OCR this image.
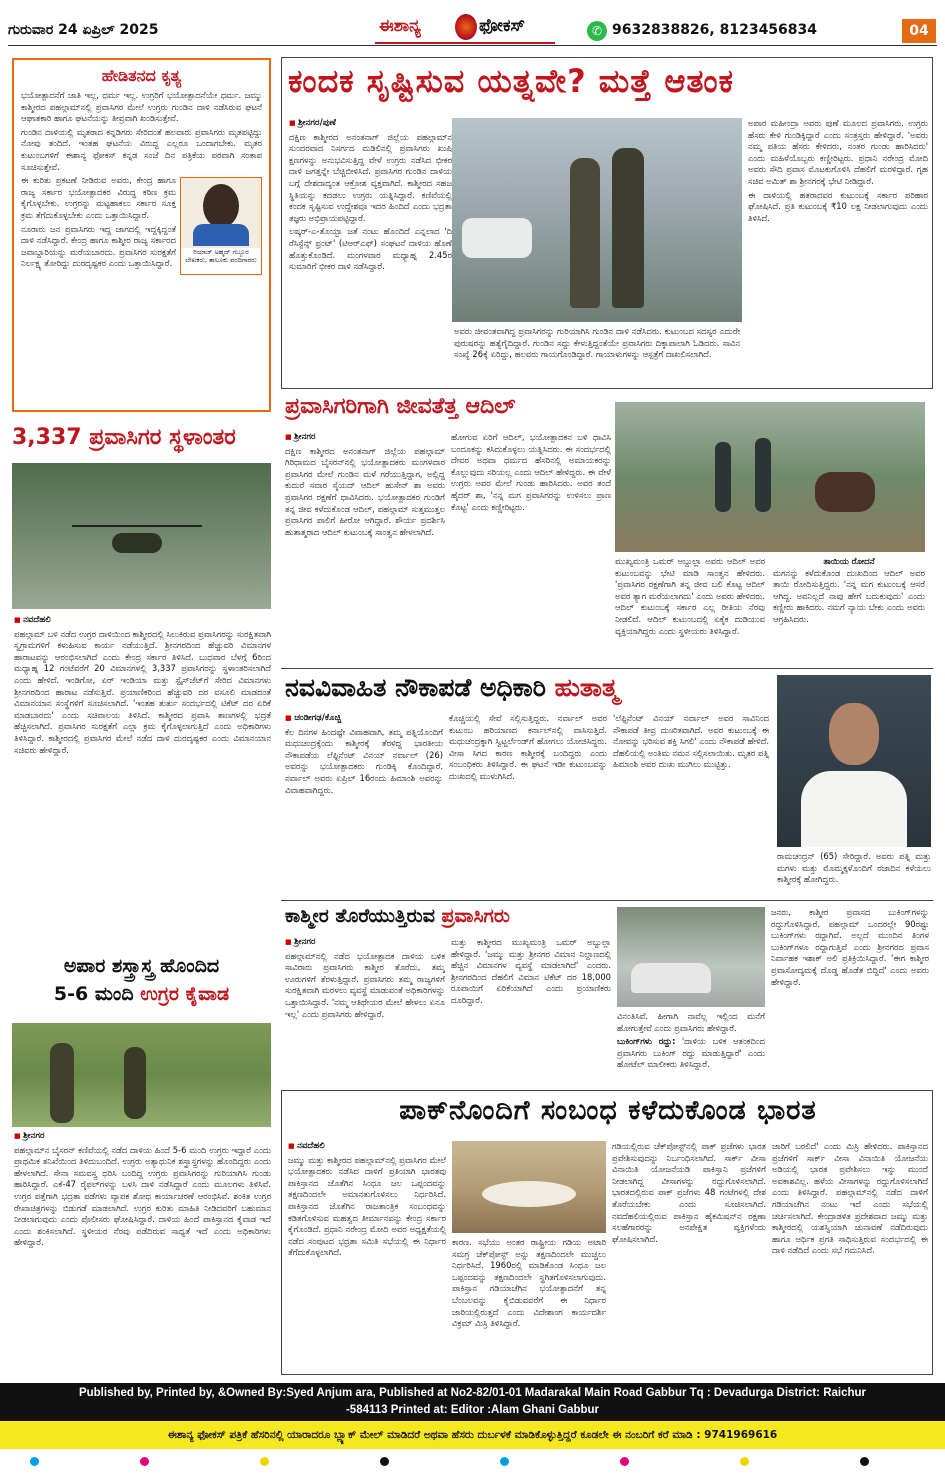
ಗುರುವಾರ 24 ಏಪ್ರಿಲ್ 2025	ಈಶಾನ್ಯ	ಫೋಕಸ್	✆ 9632838826, 8123456834	04
ಹೇಡಿತನದ ಕೃತ್ಯ

ಭಯೋತ್ಪಾದನೆಗೆ ಜಾತಿ ಇಲ್ಲ, ಧರ್ಮ ಇಲ್ಲ. ಉಗ್ರರಿಗೆ ಭಯೋತ್ಪಾದನೆಯೇ ಧರ್ಮ. ಜಮ್ಮು ಕಾಶ್ಮೀರದ ಪಹಲ್ಗಾಮ್‌ನಲ್ಲಿ ಪ್ರವಾಸಿಗರ ಮೇಲೆ ಉಗ್ರರು ಗುಂಡಿನ ದಾಳಿ ನಡೆಸಿರುವ ಘಟನೆ ಆಘಾತಕಾರಿ ಹಾಗೂ ಘಟನೆಯನ್ನು ತೀವ್ರವಾಗಿ ಖಂಡಿಸುತ್ತೇವೆ.

ಗುಂಡಿನ ದಾಳಿಯಲ್ಲಿ ಮೃತರಾದ ಕನ್ನಡಿಗರು ಸೇರಿದಂತೆ ಹಲವಾರು ಪ್ರವಾಸಿಗರು ಮೃತಪಟ್ಟಿದ್ದು ನೋವು ತಂದಿದೆ. ಇಂತಹ ಘಟನೆಯ ವಿರುದ್ಧ ಎಲ್ಲರೂ ಒಂದಾಗಬೇಕು. ಮೃತರ ಕುಟುಂಬಗಳಿಗೆ ಈಶಾನ್ಯ ಫೋಕಸ್ ಕನ್ನಡ ಸಂಜೆ ದಿನ ಪತ್ರಿಕೆಯ ಪರವಾಗಿ ಸಂತಾಪ ಸೂಚಿಸುತ್ತೇವೆ.

ರಿಯಾಜ್ ಅಹ್ಮದ್ ಗಬ್ಬೂರ
ಲೇಖಕರು, ತಾಲೂಕು ವರದಿಗಾರರು

ಈ ಕುರಿತು ಪ್ರಕಟಣೆ ನೀಡಿರುವ ಅವರು, ಕೇಂದ್ರ ಹಾಗೂ ರಾಜ್ಯ ಸರ್ಕಾರ ಭಯೋತ್ಪಾದಕರ ವಿರುದ್ಧ ಕಠಿಣ ಕ್ರಮ ಕೈಗೊಳ್ಳಬೇಕು. ಉಗ್ರರನ್ನು ಮಟ್ಟಹಾಕಲು ಸರ್ಕಾರ ಸೂಕ್ತ ಕ್ರಮ ತೆಗೆದುಕೊಳ್ಳಬೇಕು ಎಂದು ಒತ್ತಾಯಿಸಿದ್ದಾರೆ.

ನೂರಾರು ಜನ ಪ್ರವಾಸಿಗರು ಇದ್ದ ಜಾಗದಲ್ಲಿ ಇದ್ದಕ್ಕಿದ್ದಂತೆ ದಾಳಿ ನಡೆಸಿದ್ದಾರೆ. ಕೇಂದ್ರ ಹಾಗೂ ಕಾಶ್ಮೀರ ರಾಜ್ಯ ಸರ್ಕಾರದ ಜವಾಬ್ದಾರಿಯನ್ನು ಮರೆಯಬಾರದು. ಪ್ರವಾಸಿಗರ ಸುರಕ್ಷತೆಗೆ ನಿರ್ಲಕ್ಷ್ಯ ತೋರಿದ್ದು ದುರದೃಷ್ಟಕರ ಎಂದು ಒತ್ತಾಯಿಸಿದ್ದಾರೆ.

ಕಂದಕ ಸೃಷ್ಟಿಸುವ ಯತ್ನವೇ? ಮತ್ತೆ ಆತಂಕ
■ ಶ್ರೀನಗರ/ಪುಣೆ

ದಕ್ಷಿಣ ಕಾಶ್ಮೀರದ ಅನಂತನಾಗ್ ಜಿಲ್ಲೆಯ ಪಹಲ್ಗಾಮ್‌ನ ಸುಂದರವಾದ ನಿಸರ್ಗದ ಮಡಿಲಿನಲ್ಲಿ ಪ್ರವಾಸಿಗರು ಖುಷಿ ಕ್ಷಣಗಳನ್ನು ಅನುಭವಿಸುತ್ತಿದ್ದ ವೇಳೆ ಉಗ್ರರು ನಡೆಸಿದ ಭೀಕರ ದಾಳಿ ಜಗತ್ತನ್ನೇ ಬೆಚ್ಚಿಬೀಳಿಸಿದೆ. ಪ್ರವಾಸಿಗರ ಗುಂಡಿನ ದಾಳಿಯ ಬಗ್ಗೆ ದೇಶದಾದ್ಯಂತ ಆಕ್ರೋಶ ವ್ಯಕ್ತವಾಗಿದೆ. ಕಾಶ್ಮೀರದ ಸಹಜ ಸ್ಥಿತಿಯನ್ನು ಕದಡಲು ಉಗ್ರರು ಯತ್ನಿಸಿದ್ದಾರೆ. ಕಣಿವೆಯಲ್ಲಿ ಕಂದಕ ಸೃಷ್ಟಿಸುವ ಉದ್ದೇಶವೂ ಇದರ ಹಿಂದಿದೆ ಎಂದು ಭದ್ರತಾ ತಜ್ಞರು ಅಭಿಪ್ರಾಯಪಟ್ಟಿದ್ದಾರೆ.

ಲಷ್ಕರ್-ಎ-ತೊಯ್ಬಾ ಜತೆ ನಂಟು ಹೊಂದಿದೆ ಎನ್ನಲಾದ 'ದಿ ರೆಸಿಸ್ಟೆನ್ಸ್ ಫ್ರಂಟ್' (ಟಿಆರ್‌ಎಫ್) ಸಂಘಟನೆ ದಾಳಿಯ ಹೊಣೆ ಹೊತ್ತುಕೊಂಡಿದೆ. ಮಂಗಳವಾರ ಮಧ್ಯಾಹ್ನ 2.45ರ ಸುಮಾರಿಗೆ ಭೀಕರ ದಾಳಿ ನಡೆಸಿದ್ದಾರೆ.

ಅವರು ಜೀವಂತವಾಗಿದ್ದ ಪ್ರವಾಸಿಗರನ್ನು ಗುರಿಯಾಗಿಸಿ ಗುಂಡಿನ ದಾಳಿ ನಡೆಸಿದರು. ಕುಟುಂಬದ ಸದಸ್ಯರ ಎದುರೇ ಪುರುಷರನ್ನು ಹತ್ಯೆಗೈದಿದ್ದಾರೆ. ಗುಂಡಿನ ಸದ್ದು ಕೇಳುತ್ತಿದ್ದಂತೆಯೇ ಪ್ರವಾಸಿಗರು ದಿಕ್ಕಾಪಾಲಾಗಿ ಓಡಿದರು. ಸಾವಿನ ಸಂಖ್ಯೆ 26ಕ್ಕೆ ಏರಿದ್ದು, ಹಲವರು ಗಾಯಗೊಂಡಿದ್ದಾರೆ. ಗಾಯಾಳುಗಳನ್ನು ಆಸ್ಪತ್ರೆಗೆ ದಾಖಲಿಸಲಾಗಿದೆ.

ಅಪಾರ ಮಹೀಂದ್ರಾ ಅವರು ಪುಣೆ ಮೂಲದ ಪ್ರವಾಸಿಗರು. ಉಗ್ರರು ಹೆಸರು ಕೇಳಿ ಗುಂಡಿಕ್ಕಿದ್ದಾರೆ ಎಂದು ಸಂತ್ರಸ್ತರು ಹೇಳಿದ್ದಾರೆ. 'ಅವರು ನಮ್ಮ ಪತಿಯ ಹೆಸರು ಕೇಳಿದರು, ನಂತರ ಗುಂಡು ಹಾರಿಸಿದರು' ಎಂದು ಮಹಿಳೆಯೊಬ್ಬರು ಕಣ್ಣೀರಿಟ್ಟರು. ಪ್ರಧಾನಿ ನರೇಂದ್ರ ಮೋದಿ ಅವರು ಸೌದಿ ಪ್ರವಾಸ ಮೊಟಕುಗೊಳಿಸಿ ದೆಹಲಿಗೆ ಮರಳಿದ್ದಾರೆ. ಗೃಹ ಸಚಿವ ಅಮಿತ್ ಶಾ ಶ್ರೀನಗರಕ್ಕೆ ಭೇಟಿ ನೀಡಿದ್ದಾರೆ.

ಈ ದಾಳಿಯಲ್ಲಿ ಹತರಾದವರ ಕುಟುಂಬಕ್ಕೆ ಸರ್ಕಾರ ಪರಿಹಾರ ಘೋಷಿಸಿದೆ. ಪ್ರತಿ ಕುಟುಂಬಕ್ಕೆ ₹10 ಲಕ್ಷ ನೀಡಲಾಗುವುದು ಎಂದು ತಿಳಿಸಿದೆ.

ಪ್ರವಾಸಿಗರಿಗಾಗಿ ಜೀವತೆತ್ತ ಆದಿಲ್
■ ಶ್ರೀನಗರ

ದಕ್ಷಿಣ ಕಾಶ್ಮೀರದ ಅನಂತನಾಗ್ ಜಿಲ್ಲೆಯ ಪಹಲ್ಗಾಮ್ ಗಿರಿಧಾಮದ ಬೈಸರನ್‌ನಲ್ಲಿ ಭಯೋತ್ಪಾದಕರು ಮಂಗಳವಾರ ಪ್ರವಾಸಿಗರ ಮೇಲೆ ಗುಂಡಿನ ಮಳೆ ಗರೆಯುತ್ತಿದ್ದಾಗ, ಅಲ್ಲಿದ್ದ ಕುದುರೆ ಸವಾರ ಸೈಯದ್ ಆದಿಲ್ ಹುಸೇನ್ ಶಾ ಅವರು ಪ್ರವಾಸಿಗರ ರಕ್ಷಣೆಗೆ ಧಾವಿಸಿದರು. ಭಯೋತ್ಪಾದಕರ ಗುಂಡಿಗೆ ತನ್ನ ಜೀವ ಕಳೆದುಕೊಂಡ ಆದಿಲ್, ಪಹಲ್ಗಾಮ್ ಸುತ್ತಮುತ್ತಲ ಪ್ರವಾಸಿಗರ ಪಾಲಿಗೆ ಹೀರೋ ಆಗಿದ್ದಾರೆ. ಶೌರ್ಯ ಪ್ರದರ್ಶಿಸಿ ಹುತಾತ್ಮರಾದ ಆದಿಲ್ ಕುಟುಂಬಕ್ಕೆ ಸಾಂತ್ವನ ಹೇಳಲಾಗಿದೆ.

ಹೋಗುವ ಏರಿಗೆ ಆದಿಲ್, ಭಯೋತ್ಪಾದಕನ ಬಳಿ ಧಾವಿಸಿ ಬಂದೂಕನ್ನು ಕಸಿದುಕೊಳ್ಳಲು ಯತ್ನಿಸಿದರು. ಈ ಸಂದರ್ಭದಲ್ಲಿ ದೇವರ ಅಥವಾ ಧರ್ಮದ ಹೆಸರಿನಲ್ಲಿ ಅಮಾಯಕರನ್ನು ಕೊಲ್ಲುವುದು ಸರಿಯಲ್ಲ ಎಂದು ಆದಿಲ್ ಹೇಳಿದ್ದರು. ಈ ವೇಳೆ ಉಗ್ರರು ಅವರ ಮೇಲೆ ಗುಂಡು ಹಾರಿಸಿದರು. ಅವರ ತಂದೆ ಹೈದರ್ ಶಾ, 'ನನ್ನ ಮಗ ಪ್ರವಾಸಿಗರನ್ನು ಉಳಿಸಲು ಪ್ರಾಣ ಕೊಟ್ಟ' ಎಂದು ಕಣ್ಣೀರಿಟ್ಟರು.

ಮುಖ್ಯಮಂತ್ರಿ ಒಮರ್ ಅಬ್ದುಲ್ಲಾ ಅವರು ಆದಿಲ್ ಅವರ ಕುಟುಂಬವನ್ನು ಭೇಟಿ ಮಾಡಿ ಸಾಂತ್ವನ ಹೇಳಿದರು. 'ಪ್ರವಾಸಿಗರ ರಕ್ಷಣೆಗಾಗಿ ತನ್ನ ಜೀವ ಬಲಿ ಕೊಟ್ಟ ಆದಿಲ್ ಅವರ ತ್ಯಾಗ ಮರೆಯಲಾಗದು' ಎಂದು ಅವರು ಹೇಳಿದರು. ಆದಿಲ್ ಕುಟುಂಬಕ್ಕೆ ಸರ್ಕಾರ ಎಲ್ಲ ರೀತಿಯ ನೆರವು ನೀಡಲಿದೆ. ಆದಿಲ್ ಕುಟುಂಬದಲ್ಲಿ ಏಕೈಕ ದುಡಿಯುವ ವ್ಯಕ್ತಿಯಾಗಿದ್ದರು ಎಂದು ಸ್ಥಳೀಯರು ತಿಳಿಸಿದ್ದಾರೆ.

ತಾಯಿಯ ರೋದನೆ

ಮಗನನ್ನು ಕಳೆದುಕೊಂಡ ದುಃಖದಿಂದ ಆದಿಲ್ ಅವರ ತಾಯಿ ರೋದಿಸುತ್ತಿದ್ದರು. 'ನನ್ನ ಮಗ ಕುಟುಂಬಕ್ಕೆ ಆಸರೆ ಆಗಿದ್ದ. ಅವನಿಲ್ಲದೆ ನಾವು ಹೇಗೆ ಬದುಕುವುದು' ಎಂದು ಕಣ್ಣೀರು ಹಾಕಿದರು. ನಮಗೆ ನ್ಯಾಯ ಬೇಕು ಎಂದು ಅವರು ಆಗ್ರಹಿಸಿದರು.

3,337 ಪ್ರವಾಸಿಗರ ಸ್ಥಳಾಂತರ
■ ನವದೆಹಲಿ

ಪಹಲ್ಗಾಮ್ ಬಳಿ ನಡೆದ ಉಗ್ರರ ದಾಳಿಯಿಂದ ಕಾಶ್ಮೀರದಲ್ಲಿ ಸಿಲುಕಿರುವ ಪ್ರವಾಸಿಗರನ್ನು ಸುರಕ್ಷಿತವಾಗಿ ಸ್ವಗ್ರಾಮಗಳಿಗೆ ಕಳುಹಿಸುವ ಕಾರ್ಯ ನಡೆಯುತ್ತಿದೆ. ಶ್ರೀನಗರದಿಂದ ಹೆಚ್ಚುವರಿ ವಿಮಾನಗಳ ಹಾರಾಟವನ್ನು ಆರಂಭಿಸಲಾಗಿದೆ ಎಂದು ಕೇಂದ್ರ ಸರ್ಕಾರ ತಿಳಿಸಿದೆ. ಬುಧವಾರ ಬೆಳಗ್ಗೆ 6ರಿಂದ ಮಧ್ಯಾಹ್ನ 12 ಗಂಟೆವರೆಗೆ 20 ವಿಮಾನಗಳಲ್ಲಿ 3,337 ಪ್ರವಾಸಿಗರನ್ನು ಸ್ಥಳಾಂತರಿಸಲಾಗಿದೆ ಎಂದು ಹೇಳಿದೆ. ಇಂಡಿಗೋ, ಏರ್ ಇಂಡಿಯಾ ಮತ್ತು ಸ್ಪೈಸ್‌ಜೆಟ್‌ಗೆ ಸೇರಿದ ವಿಮಾನಗಳು ಶ್ರೀನಗರದಿಂದ ಹಾರಾಟ ನಡೆಸುತ್ತಿವೆ. ಪ್ರಯಾಣಿಕರಿಂದ ಹೆಚ್ಚುವರಿ ದರ ವಸೂಲಿ ಮಾಡದಂತೆ ವಿಮಾನಯಾನ ಸಂಸ್ಥೆಗಳಿಗೆ ಸೂಚಿಸಲಾಗಿದೆ. 'ಇಂತಹ ತುರ್ತು ಸಂದರ್ಭದಲ್ಲಿ ಟಿಕೆಟ್ ದರ ಏರಿಕೆ ಮಾಡಬಾರದು' ಎಂದು ಸಚಿವಾಲಯ ತಿಳಿಸಿದೆ. ಕಾಶ್ಮೀರದ ಪ್ರವಾಸಿ ತಾಣಗಳಲ್ಲಿ ಭದ್ರತೆ ಹೆಚ್ಚಿಸಲಾಗಿದೆ. ಪ್ರವಾಸಿಗರ ಸುರಕ್ಷತೆಗೆ ಎಲ್ಲಾ ಕ್ರಮ ಕೈಗೊಳ್ಳಲಾಗುತ್ತಿದೆ ಎಂದು ಅಧಿಕಾರಿಗಳು ತಿಳಿಸಿದ್ದಾರೆ. ಕಾಶ್ಮೀರದಲ್ಲಿ ಪ್ರವಾಸಿಗರ ಮೇಲೆ ನಡೆದ ದಾಳಿ ದುರದೃಷ್ಟಕರ ಎಂದು ವಿಮಾನಯಾನ ಸಚಿವರು ಹೇಳಿದ್ದಾರೆ.

ನವವಿವಾಹಿತ ನೌಕಾಪಡೆ ಅಧಿಕಾರಿ ಹುತಾತ್ಮ
■ ಚಂಡೀಗಢ/ಕೊಚ್ಚಿ

ಕೆಲ ದಿನಗಳ ಹಿಂದಷ್ಟೇ ವಿವಾಹವಾಗಿ, ತಮ್ಮ ಪತ್ನಿಯೊಂದಿಗೆ ಮಧುಚಂದ್ರಕ್ಕೆಂದು ಕಾಶ್ಮೀರಕ್ಕೆ ತೆರಳಿದ್ದ ಭಾರತೀಯ ನೌಕಾಪಡೆಯ ಲೆಫ್ಟಿನೆಂಟ್ ವಿನಯ್ ನರ್ವಾಲ್ (26) ಅವರನ್ನು ಭಯೋತ್ಪಾದಕರು ಗುಂಡಿಕ್ಕಿ ಕೊಂದಿದ್ದಾರೆ. ನರ್ವಾಲ್ ಅವರು ಏಪ್ರಿಲ್ 16ರಂದು ಹಿಮಾಂಶಿ ಅವರನ್ನು ವಿವಾಹವಾಗಿದ್ದರು.

ಕೊಚ್ಚಿಯಲ್ಲಿ ಸೇವೆ ಸಲ್ಲಿಸುತ್ತಿದ್ದರು. ನರ್ವಾಲ್ ಅವರ ಕುಟುಂಬ ಹರಿಯಾಣದ ಕರ್ನಾಲ್‌ನಲ್ಲಿ ವಾಸಿಸುತ್ತಿದೆ. ಮಧುಚಂದ್ರಕ್ಕಾಗಿ ಸ್ವಿಟ್ಜರ್ಲೆಂಡ್‌ಗೆ ಹೋಗಲು ಯೋಜಿಸಿದ್ದರು. ವೀಸಾ ಸಿಗದ ಕಾರಣ ಕಾಶ್ಮೀರಕ್ಕೆ ಬಂದಿದ್ದರು ಎಂದು ಸಂಬಂಧಿಕರು ತಿಳಿಸಿದ್ದಾರೆ. ಈ ಘಟನೆ ಇಡೀ ಕುಟುಂಬವನ್ನು ದುಃಖದಲ್ಲಿ ಮುಳುಗಿಸಿದೆ.

'ಲೆಫ್ಟಿನೆಂಟ್ ವಿನಯ್ ನರ್ವಾಲ್ ಅವರ ಸಾವಿನಿಂದ ನೌಕಾಪಡೆ ತೀವ್ರ ದುಃಖಿತವಾಗಿದೆ. ಅವರ ಕುಟುಂಬಕ್ಕೆ ಈ ನೋವನ್ನು ಭರಿಸುವ ಶಕ್ತಿ ಸಿಗಲಿ' ಎಂದು ನೌಕಾಪಡೆ ಹೇಳಿದೆ. ದೆಹಲಿಯಲ್ಲಿ ಅಂತಿಮ ನಮನ ಸಲ್ಲಿಸಲಾಯಿತು. ಮೃತರ ಪತ್ನಿ ಹಿಮಾಂಶಿ ಅವರ ದುಃಖ ಮುಗಿಲು ಮುಟ್ಟಿತ್ತು.

ರಾಮಚಂದ್ರನ್ (65) ಸೇರಿದ್ದಾರೆ. ಅವರು ಪತ್ನಿ ಮತ್ತು ಮಗಳು ಮತ್ತು ಮೊಮ್ಮಕ್ಕಳೊಂದಿಗೆ ರಜಾದಿನ ಕಳೆಯಲು ಕಾಶ್ಮೀರಕ್ಕೆ ಹೋಗಿದ್ದರು.
ಕಾಶ್ಮೀರ ತೊರೆಯುತ್ತಿರುವ ಪ್ರವಾಸಿಗರು
■ ಶ್ರೀನಗರ

ಪಹಲ್ಗಾಮ್‌ನಲ್ಲಿ ನಡೆದ ಭಯೋತ್ಪಾದಕ ದಾಳಿಯ ಬಳಿಕ ಸಾವಿರಾರು ಪ್ರವಾಸಿಗರು ಕಾಶ್ಮೀರ ತೊರೆದು, ತಮ್ಮ ಊರುಗಳಿಗೆ ತೆರಳುತ್ತಿದ್ದಾರೆ. ಪ್ರವಾಸಿಗರು ತಮ್ಮ ರಾಜ್ಯಗಳಿಗೆ ಸುರಕ್ಷಿತವಾಗಿ ಮರಳಲು ವ್ಯವಸ್ಥೆ ಮಾಡುವಂತೆ ಅಧಿಕಾರಿಗಳನ್ನು ಒತ್ತಾಯಿಸಿದ್ದಾರೆ. 'ನಮ್ಮ ಆತಿಥೇಯರ ಮೇಲೆ ಹೇಳಲು ಏನೂ ಇಲ್ಲ' ಎಂದು ಪ್ರವಾಸಿಗರು ಹೇಳಿದ್ದಾರೆ.

ಮತ್ತು ಕಾಶ್ಮೀರದ ಮುಖ್ಯಮಂತ್ರಿ ಒಮರ್ ಅಬ್ದುಲ್ಲಾ ಹೇಳಿದ್ದಾರೆ. 'ಜಮ್ಮು ಮತ್ತು ಶ್ರೀನಗರ ವಿಮಾನ ನಿಲ್ದಾಣದಲ್ಲಿ ಹೆಚ್ಚಿನ ವಿಮಾನಗಳ ವ್ಯವಸ್ಥೆ ಮಾಡಲಾಗಿದೆ' ಎಂದರು. ಶ್ರೀನಗರದಿಂದ ದೆಹಲಿಗೆ ವಿಮಾನ ಟಿಕೆಟ್ ದರ 18,000 ರೂಪಾಯಿಗೆ ಏರಿಕೆಯಾಗಿದೆ ಎಂದು ಪ್ರಯಾಣಿಕರು ದೂರಿದ್ದಾರೆ.

ವಿನಂತಿಸಿವೆ. ಹೀಗಾಗಿ ನಾವೆಲ್ಲ ಇಲ್ಲಿಂದ ಮನೆಗೆ ಹೋಗುತ್ತೇವೆ ಎಂದು ಪ್ರವಾಸಿಗರು ಹೇಳಿದ್ದಾರೆ.

ಬುಕಿಂಗ್‌ಗಳು ರದ್ದು: 'ದಾಳಿಯ ಬಳಿಕ ಆತಂಕದಿಂದ ಪ್ರವಾಸಿಗರು ಬುಕಿಂಗ್ ರದ್ದು ಮಾಡುತ್ತಿದ್ದಾರೆ' ಎಂದು ಹೋಟೆಲ್ ಮಾಲೀಕರು ತಿಳಿಸಿದ್ದಾರೆ.

ಜನರು, ಕಾಶ್ಮೀರ ಪ್ರವಾಸದ ಬುಕಿಂಗ್‌ಗಳನ್ನು ರದ್ದುಗೊಳಿಸಿದ್ದಾರೆ. ಪಹಲ್ಗಾಮ್ ಒಂದರಲ್ಲೇ 90ರಷ್ಟು ಬುಕಿಂಗ್‌ಗಳು ರದ್ದಾಗಿವೆ. ಅಲ್ಲದೆ ಮುಂದಿನ ತಿಂಗಳ ಬುಕಿಂಗ್‌ಗಳೂ ರದ್ದಾಗುತ್ತಿವೆ ಎಂದು ಶ್ರೀನಗರದ ಪ್ರವಾಸ ನಿರ್ವಾಹಕ ಇಶಾಕ್ ಅಲಿ ಪ್ರತಿಕ್ರಿಯಿಸಿದ್ದಾರೆ. 'ಈಗ ಕಾಶ್ಮೀರ ಪ್ರವಾಸೋದ್ಯಮಕ್ಕೆ ದೊಡ್ಡ ಹೊಡೆತ ಬಿದ್ದಿದೆ' ಎಂದು ಅವರು ಹೇಳಿದ್ದಾರೆ.

ಅಪಾರ ಶಸ್ತ್ರಾಸ್ತ್ರ ಹೊಂದಿದ
5-6 ಮಂದಿ ಉಗ್ರರ ಕೈವಾಡ
■ ಶ್ರೀನಗರ

ಪಹಲ್ಗಾಮ್‌ನ ಬೈಸರನ್ ಕಣಿವೆಯಲ್ಲಿ ನಡೆದ ದಾಳಿಯ ಹಿಂದೆ 5-6 ಮಂದಿ ಉಗ್ರರು ಇದ್ದಾರೆ ಎಂದು ಪ್ರಾಥಮಿಕ ತನಿಖೆಯಿಂದ ತಿಳಿದುಬಂದಿದೆ. ಉಗ್ರರು ಅತ್ಯಾಧುನಿಕ ಶಸ್ತ್ರಾಸ್ತ್ರಗಳನ್ನು ಹೊಂದಿದ್ದರು ಎಂದು ಹೇಳಲಾಗಿದೆ. ಸೇನಾ ಸಮವಸ್ತ್ರ ಧರಿಸಿ ಬಂದಿದ್ದ ಉಗ್ರರು ಪ್ರವಾಸಿಗರನ್ನು ಗುರಿಯಾಗಿಸಿ ಗುಂಡು ಹಾರಿಸಿದ್ದಾರೆ. ಎಕೆ-47 ರೈಫಲ್‌ಗಳನ್ನು ಬಳಸಿ ದಾಳಿ ನಡೆಸಿದ್ದಾರೆ ಎಂದು ಮೂಲಗಳು ತಿಳಿಸಿವೆ. ಉಗ್ರರ ಪತ್ತೆಗಾಗಿ ಭದ್ರತಾ ಪಡೆಗಳು ವ್ಯಾಪಕ ಶೋಧ ಕಾರ್ಯಾಚರಣೆ ಆರಂಭಿಸಿವೆ. ಶಂಕಿತ ಉಗ್ರರ ರೇಖಾಚಿತ್ರಗಳನ್ನು ಬಿಡುಗಡೆ ಮಾಡಲಾಗಿದೆ. ಉಗ್ರರ ಕುರಿತು ಮಾಹಿತಿ ನೀಡಿದವರಿಗೆ ಬಹುಮಾನ ನೀಡಲಾಗುವುದು ಎಂದು ಪೊಲೀಸರು ಘೋಷಿಸಿದ್ದಾರೆ. ದಾಳಿಯ ಹಿಂದೆ ಪಾಕಿಸ್ತಾನದ ಕೈವಾಡ ಇದೆ ಎಂದು ಶಂಕಿಸಲಾಗಿದೆ. ಸ್ಥಳೀಯರ ನೆರವು ಪಡೆದಿರುವ ಸಾಧ್ಯತೆ ಇದೆ ಎಂದು ಅಧಿಕಾರಿಗಳು ಹೇಳಿದ್ದಾರೆ.

ಪಾಕ್‌ನೊಂದಿಗೆ ಸಂಬಂಧ ಕಳೆದುಕೊಂಡ ಭಾರತ
■ ನವದೆಹಲಿ

ಜಮ್ಮು ಮತ್ತು ಕಾಶ್ಮೀರದ ಪಹಲ್ಗಾಮ್‌ನಲ್ಲಿ ಪ್ರವಾಸಿಗರ ಮೇಲೆ ಭಯೋತ್ಪಾದಕರು ನಡೆಸಿದ ದಾಳಿಗೆ ಪ್ರತಿಯಾಗಿ ಭಾರತವು ಪಾಕಿಸ್ತಾನದ ಜೊತೆಗಿನ ಸಿಂಧೂ ಜಲ ಒಪ್ಪಂದವನ್ನು ತಕ್ಷಣದಿಂದಲೇ ಅಮಾನತುಗೊಳಿಸಲು ನಿರ್ಧರಿಸಿದೆ. ಪಾಕಿಸ್ತಾನದ ಜೊತೆಗಿನ ರಾಜತಾಂತ್ರಿಕ ಸಂಬಂಧವನ್ನು ಕಡಿತಗೊಳಿಸುವ ಮಹತ್ವದ ತೀರ್ಮಾನವನ್ನು ಕೇಂದ್ರ ಸರ್ಕಾರ ಕೈಗೊಂಡಿದೆ. ಪ್ರಧಾನಿ ನರೇಂದ್ರ ಮೋದಿ ಅವರ ಅಧ್ಯಕ್ಷತೆಯಲ್ಲಿ ನಡೆದ ಸಂಪುಟದ ಭದ್ರತಾ ಸಮಿತಿ ಸಭೆಯಲ್ಲಿ ಈ ನಿರ್ಧಾರ ತೆಗೆದುಕೊಳ್ಳಲಾಗಿದೆ.

ಕಾರಣ. ಸಭೆಯು ಅಂತರ ರಾಷ್ಟ್ರೀಯ ಗಡಿಯ ಅಟಾರಿ ಸಮಗ್ರ ಚೆಕ್‌ಪೋಸ್ಟ್ ಅನ್ನು ತಕ್ಷಣದಿಂದಲೇ ಮುಚ್ಚಲು ನಿರ್ಧರಿಸಿದೆ. 1960ರಲ್ಲಿ ಮಾಡಿಕೊಂಡ ಸಿಂಧೂ ಜಲ ಒಪ್ಪಂದವನ್ನು ತಕ್ಷಣದಿಂದಲೇ ಸ್ಥಗಿತಗೊಳಿಸಲಾಗುವುದು. ಪಾಕಿಸ್ತಾನ ಗಡಿಯಾಚೆಗಿನ ಭಯೋತ್ಪಾದನೆಗೆ ತನ್ನ ಬೆಂಬಲವನ್ನು ಕೈಬಿಡುವವರೆಗೆ ಈ ನಿರ್ಧಾರ ಜಾರಿಯಲ್ಲಿರುತ್ತದೆ ಎಂದು ವಿದೇಶಾಂಗ ಕಾರ್ಯದರ್ಶಿ ವಿಕ್ರಮ್ ಮಿಸ್ರಿ ತಿಳಿಸಿದ್ದಾರೆ.

ಗಡಿಯಲ್ಲಿರುವ ಚೆಕ್‌ಪೋಸ್ಟ್‌ನಲ್ಲಿ ಪಾಕ್ ಪ್ರಜೆಗಳು ಭಾರತ ಪ್ರವೇಶಿಸುವುದನ್ನು ನಿರ್ಬಂಧಿಸಲಾಗಿದೆ. ಸಾರ್ಕ್ ವೀಸಾ ವಿನಾಯಿತಿ ಯೋಜನೆಯಡಿ ಪಾಕಿಸ್ತಾನಿ ಪ್ರಜೆಗಳಿಗೆ ನೀಡಲಾಗಿದ್ದ ವೀಸಾಗಳನ್ನು ರದ್ದುಗೊಳಿಸಲಾಗಿದೆ. ಭಾರತದಲ್ಲಿರುವ ಪಾಕ್ ಪ್ರಜೆಗಳು 48 ಗಂಟೆಗಳಲ್ಲಿ ದೇಶ ತೊರೆಯಬೇಕು ಎಂದು ಸೂಚಿಸಲಾಗಿದೆ. ನವದೆಹಲಿಯಲ್ಲಿರುವ ಪಾಕಿಸ್ತಾನ ಹೈಕಮಿಷನ್‌ನ ರಕ್ಷಣಾ ಸಲಹೆಗಾರರನ್ನು ಅನಪೇಕ್ಷಿತ ವ್ಯಕ್ತಿಗಳೆಂದು ಘೋಷಿಸಲಾಗಿದೆ.

ಜಾರಿಗೆ ಬರಲಿದೆ' ಎಂದು ಮಿಸ್ರಿ ಹೇಳಿದರು. ಪಾಕಿಸ್ತಾನದ ಪ್ರಜೆಗಳಿಗೆ ಸಾರ್ಕ್ ವೀಸಾ ವಿನಾಯಿತಿ ಯೋಜನೆಯ ಅಡಿಯಲ್ಲಿ ಭಾರತ ಪ್ರವೇಶಿಸಲು ಇನ್ನು ಮುಂದೆ ಅವಕಾಶವಿಲ್ಲ. ಹಳೆಯ ವೀಸಾಗಳನ್ನು ರದ್ದುಗೊಳಿಸಲಾಗಿದೆ ಎಂದು ತಿಳಿಸಿದ್ದಾರೆ. ಪಹಲ್ಗಾಮ್‌ನಲ್ಲಿ ನಡೆದ ದಾಳಿಗೆ ಗಡಿಯಾಚೆಗಿನ ನಂಟು ಇದೆ ಎಂದು ಸಭೆಯಲ್ಲಿ ಚರ್ಚಿಸಲಾಗಿದೆ. ಕೇಂದ್ರಾಡಳಿತ ಪ್ರದೇಶವಾದ ಜಮ್ಮು ಮತ್ತು ಕಾಶ್ಮೀರದಲ್ಲಿ ಯಶಸ್ವಿಯಾಗಿ ಚುನಾವಣೆ ನಡೆದಿರುವುದು ಹಾಗೂ ಆರ್ಥಿಕ ಪ್ರಗತಿ ಸಾಧಿಸುತ್ತಿರುವ ಸಂದರ್ಭದಲ್ಲಿ ಈ ದಾಳಿ ನಡೆದಿದೆ ಎಂದು ಸಭೆ ಗಮನಿಸಿದೆ.

Published by, Printed by, &Owned By:Syed Anjum ara, Published at No2-82/01-01 Madarakal Main Road Gabbur Tq : Devadurga District: Raichur
-584113 Printed at: Editor :Alam Ghani Gabbur
ಈಶಾನ್ಯ ಫೋಕಸ್ ಪತ್ರಿಕೆ ಹೆಸರಿನಲ್ಲಿ ಯಾರಾದರೂ ಬ್ಲ್ಯಾಕ್ ಮೇಲ್ ಮಾಡಿದರೆ ಅಥವಾ ಹೆಸರು ದುರ್ಬಳಕೆ ಮಾಡಿಕೊಳ್ಳುತ್ತಿದ್ದರೆ ಕೂಡಲೇ ಈ ನಂಬರಿಗೆ ಕರೆ ಮಾಡಿ : 9741969616
